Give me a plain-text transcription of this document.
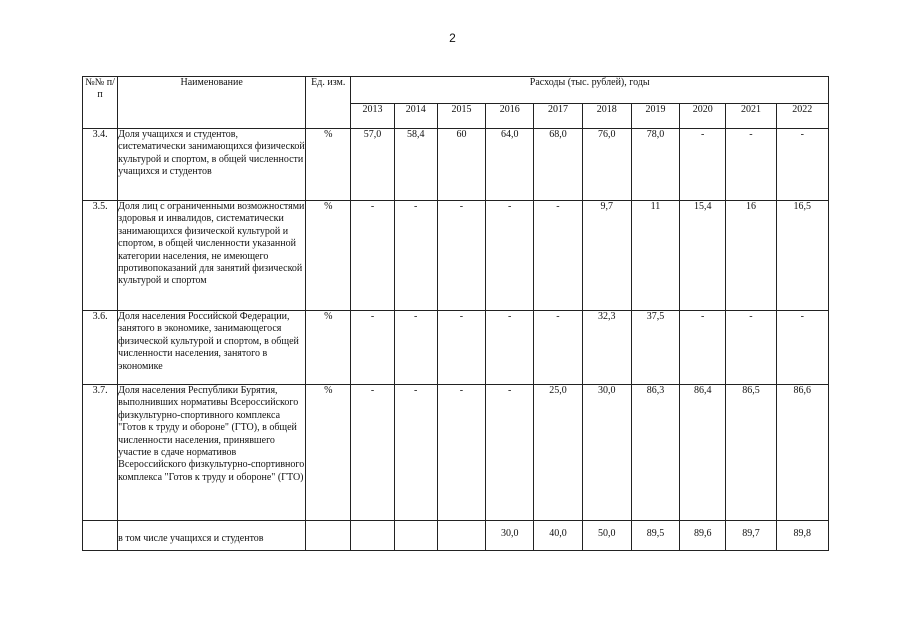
2
№№ п/п	Наименование	Ед. изм.	Расходы (тыс. рублей), годы									
			2013	2014	2015	2016	2017	2018	2019	2020	2021	2022
3.4.	Доля учащихся и студентов, систематически занимающихся физической культурой и спортом, в общей численности учащихся и студентов	%	57,0	58,4	60	64,0	68,0	76,0	78,0	-	-	-
3.5.	Доля лиц с ограниченными возможностями здоровья и инвалидов, систематически занимающихся физической культурой и спортом, в общей численности указанной категории населения, не имеющего противопоказаний для занятий физической культурой и спортом	%	-	-	-	-	-	9,7	11	15,4	16	16,5
3.6.	Доля населения Российской Федерации, занятого в экономике, занимающегося физической культурой и спортом, в общей численности населения, занятого в экономике	%	-	-	-	-	-	32,3	37,5	-	-	-
3.7.	Доля населения Республики Бурятия, выполнивших нормативы Всероссийского физкультурно-спортивного комплекса "Готов к труду и обороне" (ГТО), в общей численности населения, принявшего участие в сдаче нормативов Всероссийского физкультурно-спортивного комплекса "Готов к труду и обороне" (ГТО)	%	-	-	-	-	25,0	30,0	86,3	86,4	86,5	86,6
	в том числе учащихся и студентов					30,0	40,0	50,0	89,5	89,6	89,7	89,8
